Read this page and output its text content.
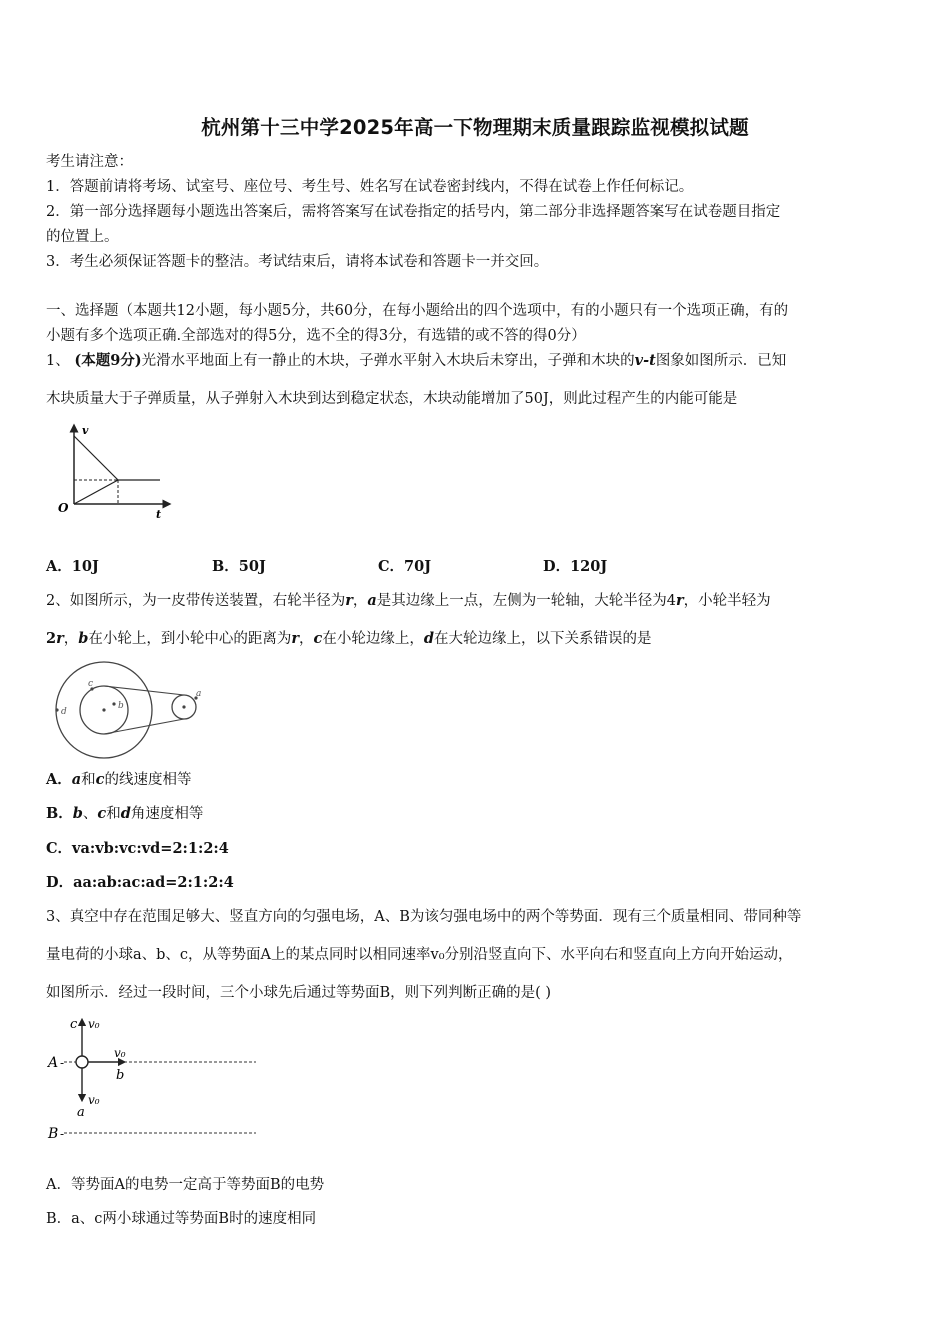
杭州第十三中学2025年高一下物理期末质量跟踪监视模拟试题
考生请注意：
1．答题前请将考场、试室号、座位号、考生号、姓名写在试卷密封线内，不得在试卷上作任何标记。
2．第一部分选择题每小题选出答案后，需将答案写在试卷指定的括号内，第二部分非选择题答案写在试卷题目指定
的位置上。
3．考生必须保证答题卡的整洁。考试结束后，请将本试卷和答题卡一并交回。
一、选择题（本题共12小题，每小题5分，共60分，在每小题给出的四个选项中，有的小题只有一个选项正确，有的
小题有多个选项正确.全部选对的得5分，选不全的得3分，有选错的或不答的得0分）
1、 (本题9分)光滑水平地面上有一静止的木块，子弹水平射入木块后未穿出，子弹和木块的v-t图象如图所示．已知
木块质量大于子弹质量，从子弹射入木块到达到稳定状态，木块动能增加了50J，则此过程产生的内能可能是
v
t
O
A．10J	B．50J	C．70J	D．120J
2、如图所示，为一皮带传送装置，右轮半径为r，a是其边缘上一点，左侧为一轮轴，大轮半径为4r，小轮半轻为
2r，b在小轮上，到小轮中心的距离为r，c在小轮边缘上，d在大轮边缘上，以下关系错误的是
b
c
d
a
A．a和c的线速度相等
B．b、c和d角速度相等
C．va:vb:vc:vd=2:1:2:4
D．aa:ab:ac:ad=2:1:2:4
3、真空中存在范围足够大、竖直方向的匀强电场，A、B为该匀强电场中的两个等势面．现有三个质量相同、带同种等
量电荷的小球a、b、c，从等势面A上的某点同时以相同速率v₀分别沿竖直向下、水平向右和竖直向上方向开始运动，
如图所示．经过一段时间，三个小球先后通过等势面B，则下列判断正确的是( )
c v₀
v₀
b
v₀
a
A
B
-
-
A．等势面A的电势一定高于等势面B的电势
B．a、c两小球通过等势面B时的速度相同
